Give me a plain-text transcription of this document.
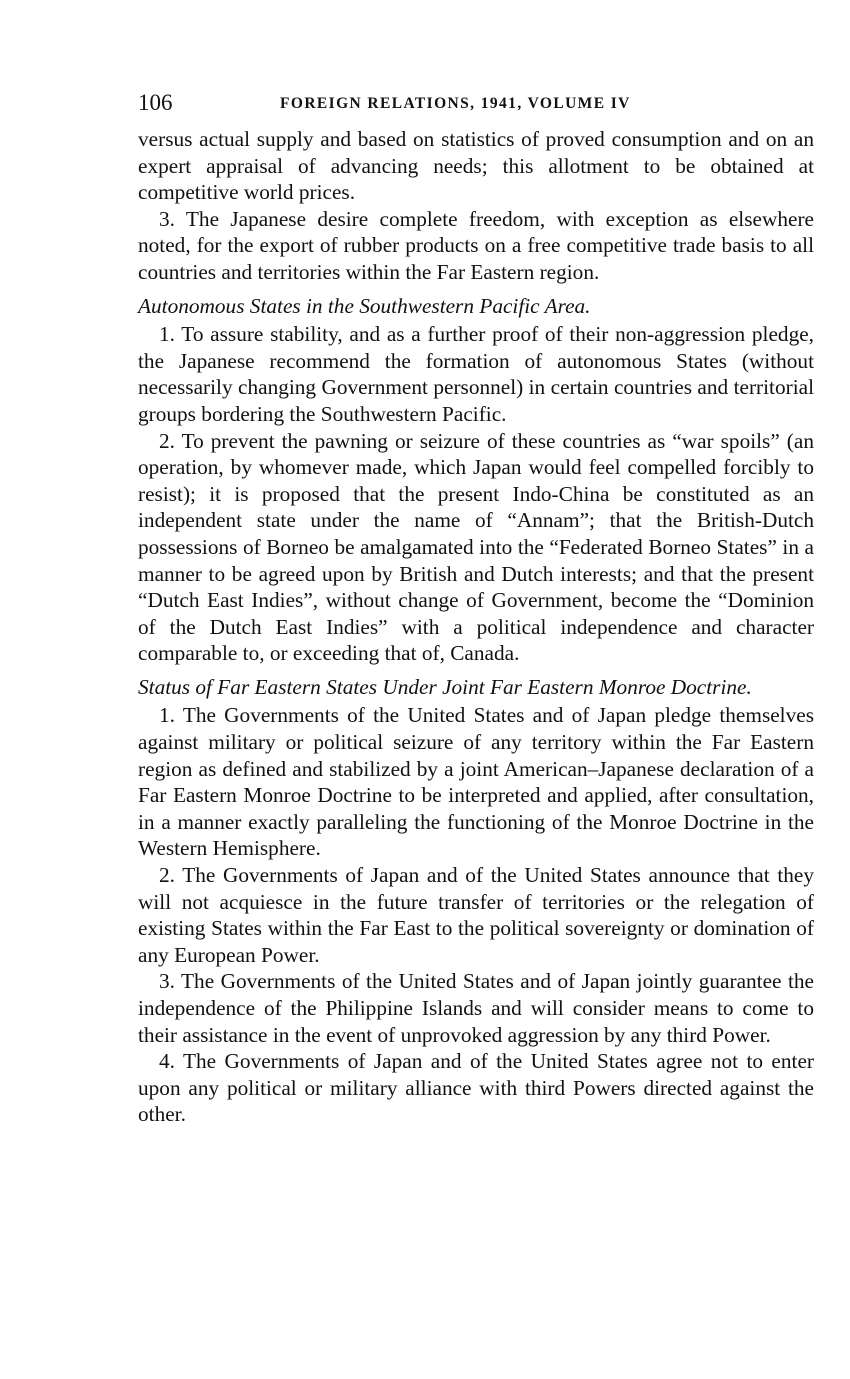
106	FOREIGN RELATIONS, 1941, VOLUME IV

versus actual supply and based on statistics of proved consumption and on an expert appraisal of advancing needs; this allotment to be obtained at competitive world prices.

3. The Japanese desire complete freedom, with exception as elsewhere noted, for the export of rubber products on a free competitive trade basis to all countries and territories within the Far Eastern region.

Autonomous States in the Southwestern Pacific Area.

1. To assure stability, and as a further proof of their non-aggression pledge, the Japanese recommend the formation of autonomous States (without necessarily changing Government personnel) in certain countries and territorial groups bordering the Southwestern Pacific.

2. To prevent the pawning or seizure of these countries as “war spoils” (an operation, by whomever made, which Japan would feel compelled forcibly to resist); it is proposed that the present Indo-China be constituted as an independent state under the name of “Annam”; that the British-Dutch possessions of Borneo be amalgamated into the “Federated Borneo States” in a manner to be agreed upon by British and Dutch interests; and that the present “Dutch East Indies”, without change of Government, become the “Dominion of the Dutch East Indies” with a political independence and character comparable to, or exceeding that of, Canada.

Status of Far Eastern States Under Joint Far Eastern Monroe Doctrine.

1. The Governments of the United States and of Japan pledge themselves against military or political seizure of any territory within the Far Eastern region as defined and stabilized by a joint American–Japanese declaration of a Far Eastern Monroe Doctrine to be interpreted and applied, after consultation, in a manner exactly paralleling the functioning of the Monroe Doctrine in the Western Hemisphere.

2. The Governments of Japan and of the United States announce that they will not acquiesce in the future transfer of territories or the relegation of existing States within the Far East to the political sovereignty or domination of any European Power.

3. The Governments of the United States and of Japan jointly guarantee the independence of the Philippine Islands and will consider means to come to their assistance in the event of unprovoked aggression by any third Power.

4. The Governments of Japan and of the United States agree not to enter upon any political or military alliance with third Powers directed against the other.
